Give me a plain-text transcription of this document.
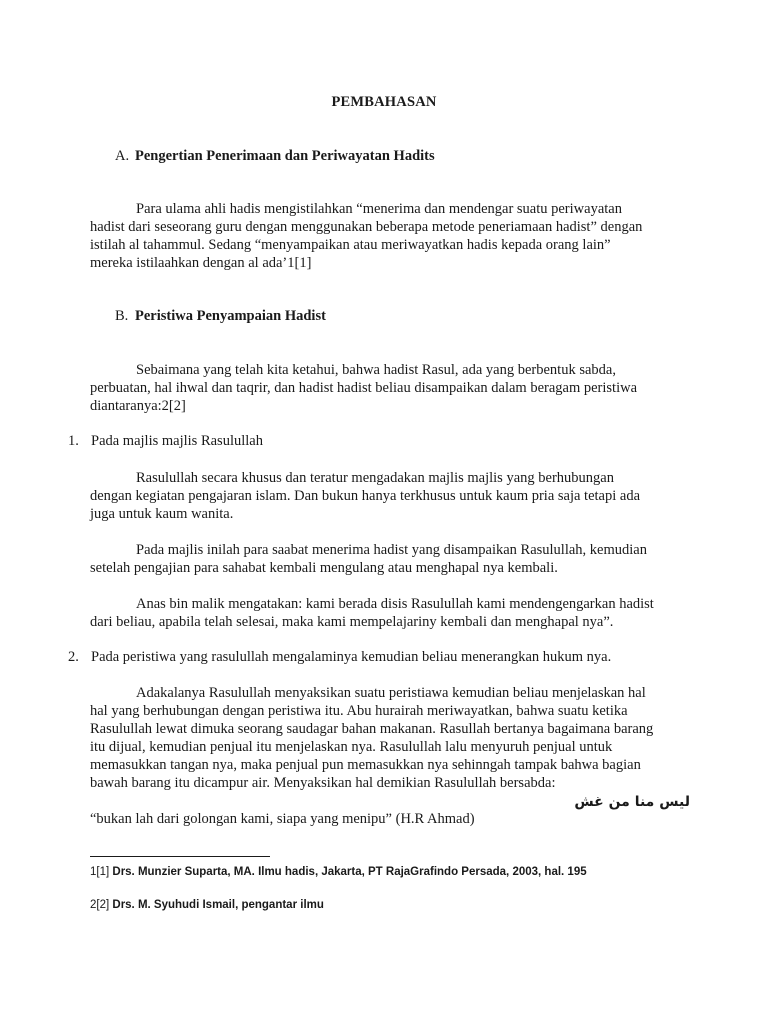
PEMBAHASAN
A. Pengertian Penerimaan dan Periwayatan Hadits
Para ulama ahli hadis mengistilahkan “menerima dan mendengar suatu periwayatan
hadist dari seseorang guru dengan menggunakan beberapa metode peneriamaan hadist” dengan
istilah al tahammul. Sedang “menyampaikan atau meriwayatkan hadis kepada orang lain”
mereka istilaahkan dengan al ada’1[1]
B. Peristiwa Penyampaian Hadist
Sebaimana yang telah kita ketahui, bahwa hadist Rasul, ada yang berbentuk sabda,
perbuatan, hal ihwal dan taqrir, dan hadist hadist beliau disampaikan dalam beragam peristiwa
diantaranya:2[2]
1. Pada majlis majlis Rasulullah
Rasulullah secara khusus dan teratur mengadakan majlis majlis yang berhubungan
dengan kegiatan pengajaran islam. Dan bukun hanya terkhusus untuk kaum pria saja tetapi ada
juga untuk kaum wanita.
Pada majlis inilah para saabat menerima hadist yang disampaikan Rasulullah, kemudian
setelah pengajian para sahabat kembali mengulang atau menghapal nya kembali.
Anas bin malik mengatakan: kami berada disis Rasulullah kami mendengengarkan hadist
dari beliau, apabila telah selesai, maka kami mempelajariny kembali dan menghapal nya”.
2. Pada peristiwa yang rasulullah mengalaminya kemudian beliau menerangkan hukum nya.
Adakalanya Rasulullah menyaksikan suatu peristiawa kemudian beliau menjelaskan hal
hal yang berhubungan dengan peristiwa itu. Abu hurairah meriwayatkan, bahwa suatu ketika
Rasulullah lewat dimuka seorang saudagar bahan makanan. Rasullah bertanya bagaimana barang
itu dijual, kemudian penjual itu menjelaskan nya. Rasulullah lalu menyuruh penjual untuk
memasukkan tangan nya, maka penjual pun memasukkan nya sehinngah tampak bahwa bagian
bawah barang itu dicampur air. Menyaksikan hal demikian Rasulullah bersabda:
ليس منا من غش
“bukan lah dari golongan kami, siapa yang menipu” (H.R Ahmad)
1[1] Drs. Munzier Suparta, MA. Ilmu hadis, Jakarta, PT RajaGrafindo Persada, 2003, hal. 195
2[2] Drs. M. Syuhudi Ismail, pengantar ilmu
